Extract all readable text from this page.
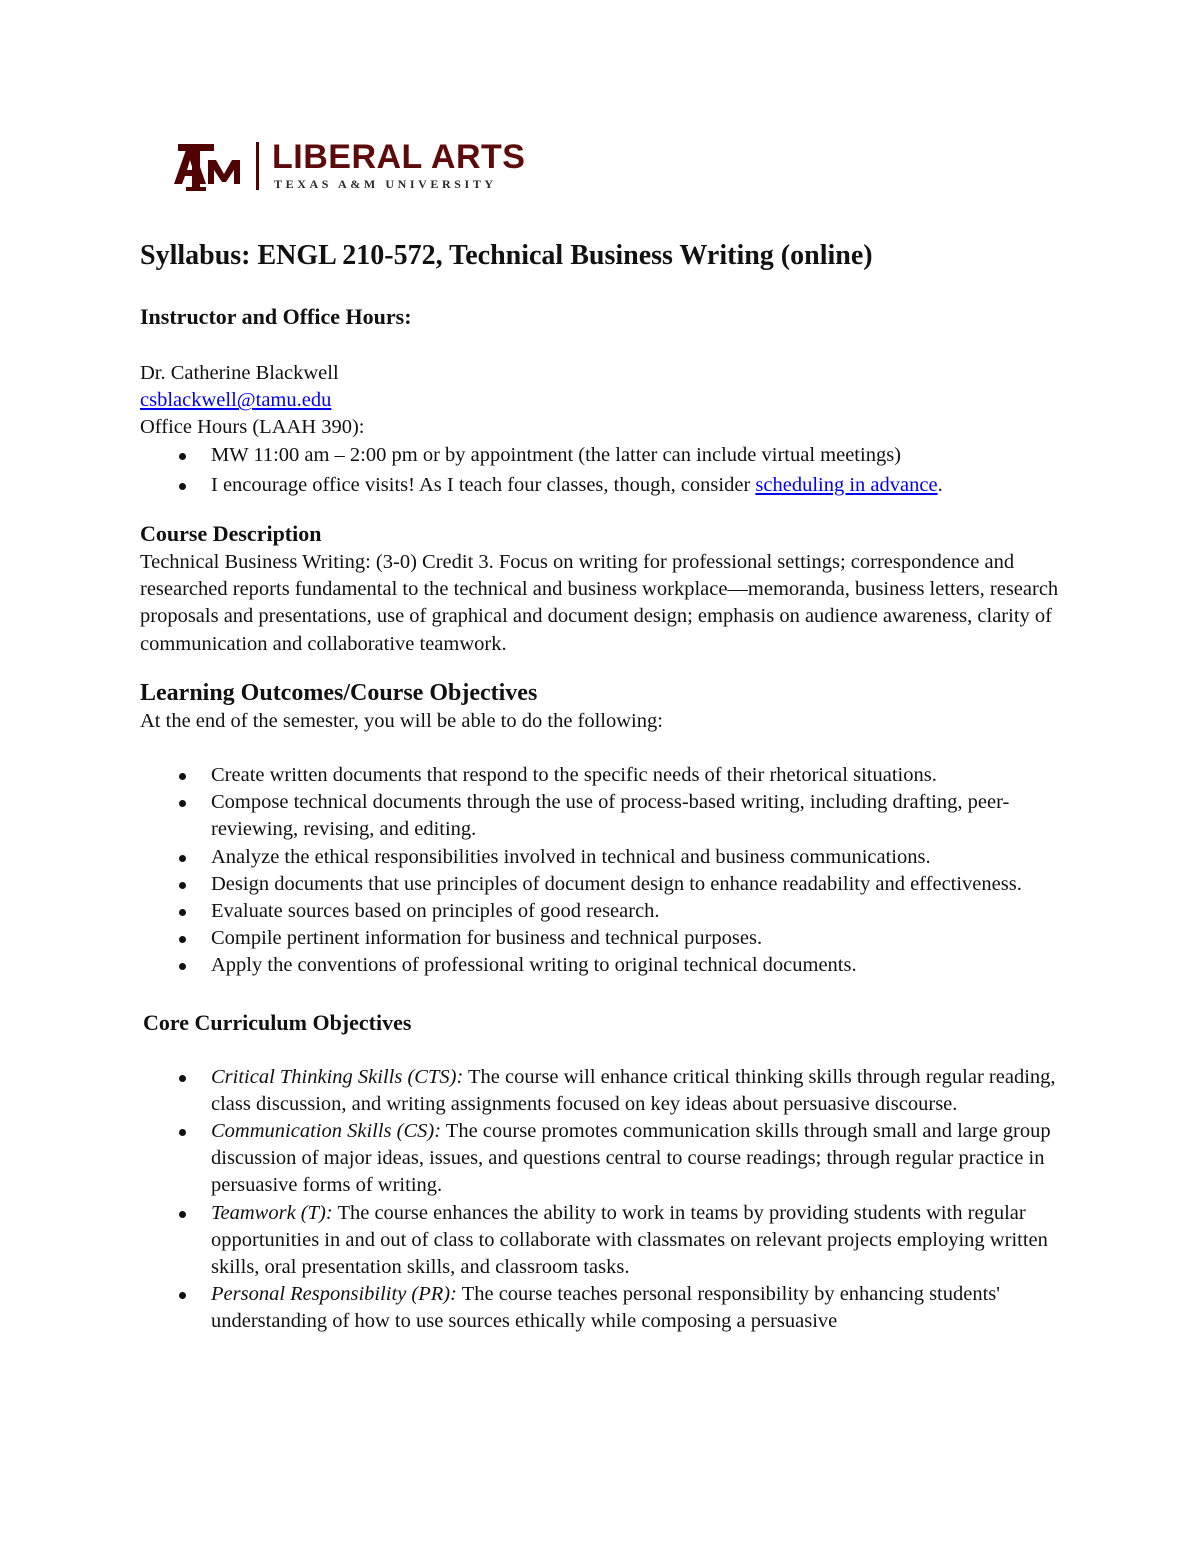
LIBERAL ARTS
TEXAS A&M UNIVERSITY
Syllabus: ENGL 210-572, Technical Business Writing (online)
Instructor and Office Hours:

Dr. Catherine Blackwell

csblackwell@tamu.edu

Office Hours (LAAH 390):

MW 11:00 am – 2:00 pm or by appointment (the latter can include virtual meetings)
I encourage office visits! As I teach four classes, though, consider scheduling in advance.
Course Description

Technical Business Writing: (3-0) Credit 3. Focus on writing for professional settings; correspondence and researched reports fundamental to the technical and business workplace—memoranda, business letters, research proposals and presentations, use of graphical and document design; emphasis on audience awareness, clarity of communication and collaborative teamwork.

Learning Outcomes/Course Objectives

At the end of the semester, you will be able to do the following:

Create written documents that respond to the specific needs of their rhetorical situations.
Compose technical documents through the use of process-based writing, including drafting, peer-reviewing, revising, and editing.
Analyze the ethical responsibilities involved in technical and business communications.
Design documents that use principles of document design to enhance readability and effectiveness.
Evaluate sources based on principles of good research.
Compile pertinent information for business and technical purposes.
Apply the conventions of professional writing to original technical documents.
Core Curriculum Objectives
Critical Thinking Skills (CTS): The course will enhance critical thinking skills through regular reading, class discussion, and writing assignments focused on key ideas about persuasive discourse.
Communication Skills (CS): The course promotes communication skills through small and large group discussion of major ideas, issues, and questions central to course readings; through regular practice in persuasive forms of writing.
Teamwork (T): The course enhances the ability to work in teams by providing students with regular opportunities in and out of class to collaborate with classmates on relevant projects employing written skills, oral presentation skills, and classroom tasks.
Personal Responsibility (PR): The course teaches personal responsibility by enhancing students' understanding of how to use sources ethically while composing a persuasive
